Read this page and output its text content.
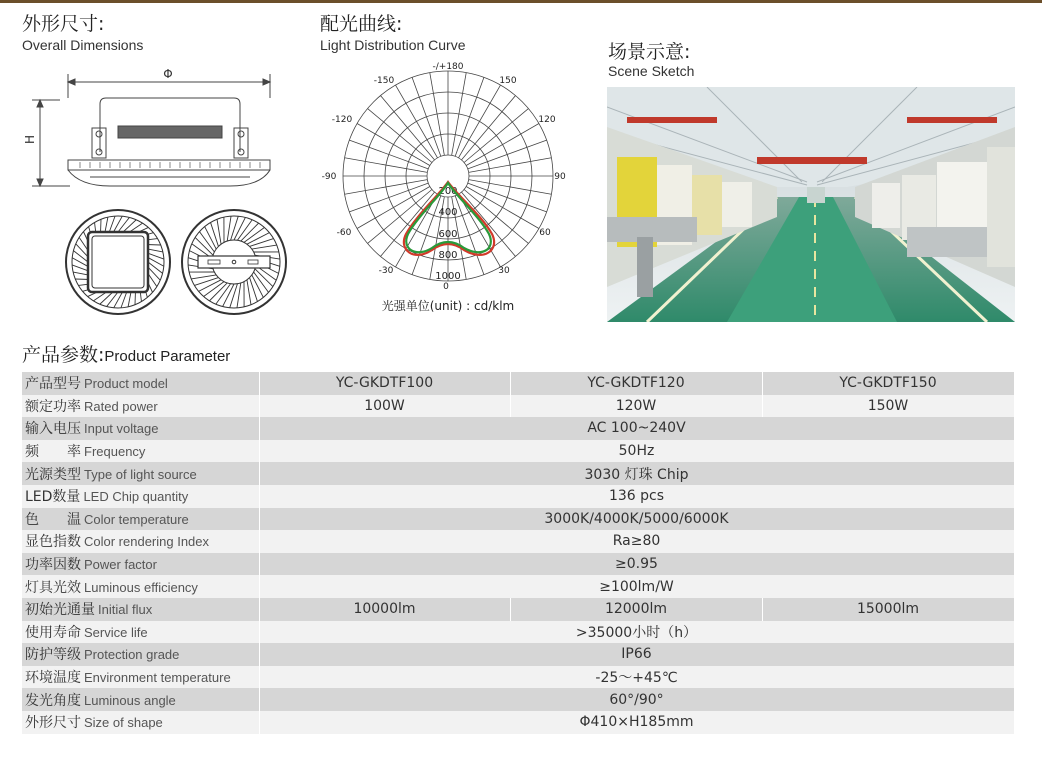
外形尺寸:
Overall Dimensions
Φ
H
配光曲线:
Light Distribution Curve
-/+180
-150	150
-120	120
-90	90
-60	60
-30	30
0
200
400
600
800
1000
光强单位(unit) : cd/klm
场景示意:
Scene Sketch
产品参数:Product Parameter
产品型号 Product model	YC-GKDTF100	YC-GKDTF120	YC-GKDTF150
额定功率 Rated power	100W	120W	150W
输入电压 Input voltage	AC 100~240V		
频　　率 Frequency	50Hz		
光源类型 Type of light source	3030 灯珠 Chip		
LED数量 LED Chip quantity	136 pcs		
色　　温 Color temperature	3000K/4000K/5000/6000K		
显色指数 Color rendering Index	Ra≥80		
功率因数 Power factor	≥0.95		
灯具光效 Luminous efficiency	≥100lm/W		
初始光通量 Initial flux	10000lm	12000lm	15000lm
使用寿命 Service life	>35000小时（h）		
防护等级 Protection grade	IP66		
环境温度 Environment temperature	-25～+45℃		
发光角度 Luminous angle	60°/90°		
外形尺寸 Size of shape	Φ410×H185mm		
